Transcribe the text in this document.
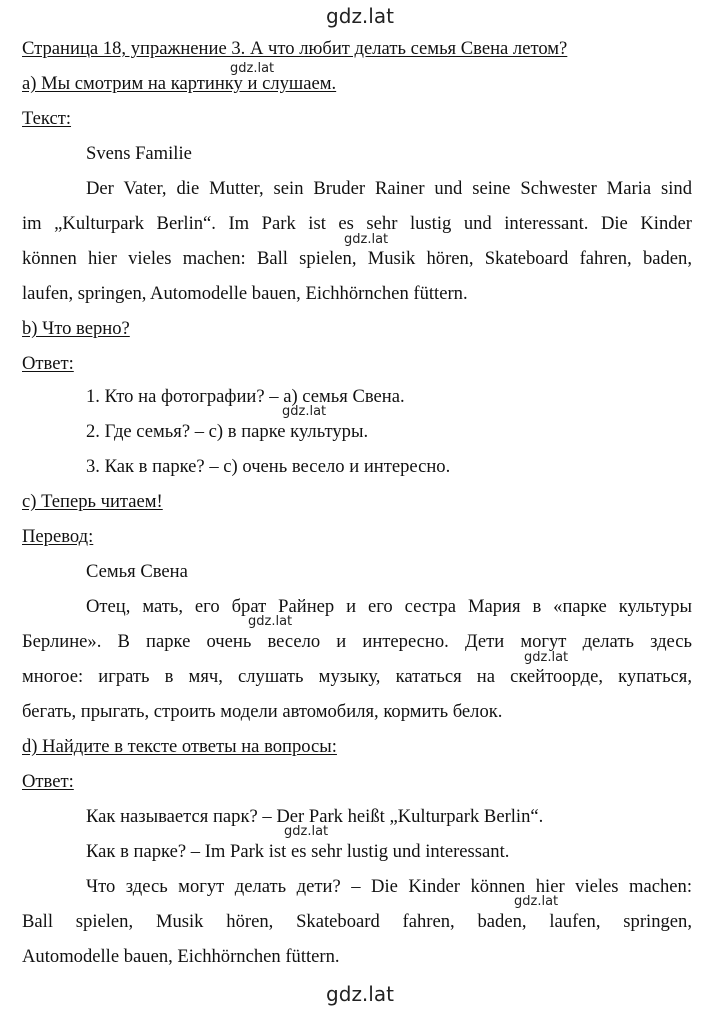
gdz.lat
Страница 18, упражнение 3. А что любит делать семья Свена летом?
а) Мы смотрим на картинку и слушаем.
gdz.lat
Текст:
Svens Familie
Der Vater, die Mutter, sein Bruder Rainer und seine Schwester Maria sind
im „Kulturpark Berlin“. Im Park ist es sehr lustig und interessant. Die Kinder
können hier vieles machen: Ball spielen, Musik hören, Skateboard fahren, baden,
gdz.lat
laufen, springen, Automodelle bauen, Eichhörnchen füttern.
b) Что верно?
Ответ:
1. Кто на фотографии? – а) семья Свена.
gdz.lat
2. Где семья? – с) в парке культуры.
3. Как в парке? – с) очень весело и интересно.
с) Теперь читаем!
Перевод:
Семья Свена
Отец, мать, его брат Райнер и его сестра Мария в «парке культуры
gdz.lat
Берлине». В парке очень весело и интересно. Дети могут делать здесь
gdz.lat
многое: играть в мяч, слушать музыку, кататься на скейтоорде, купаться,
бегать, прыгать, строить модели автомобиля, кормить белок.
d) Найдите в тексте ответы на вопросы:
Ответ:
Как называется парк? – Der Park heißt „Kulturpark Berlin“.
gdz.lat
Как в парке? – Im Park ist es sehr lustig und interessant.
Что здесь могут делать дети? – Die Kinder können hier vieles machen:
gdz.lat
Ball spielen, Musik hören, Skateboard fahren, baden, laufen, springen,
Automodelle bauen, Eichhörnchen füttern.
gdz.lat
